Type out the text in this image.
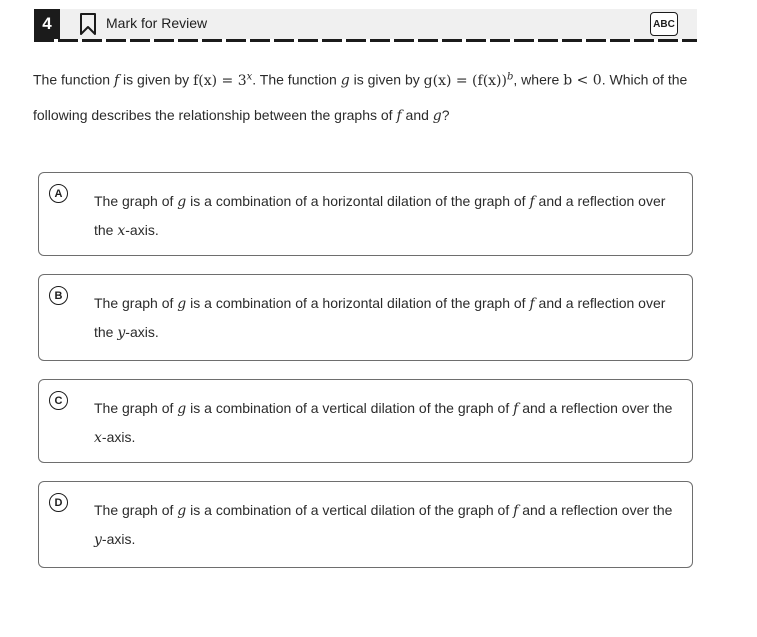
4	Mark for Review	ABC
The function f is given by $f(x) = 3^x$. The function g is given by $g(x) = (f(x))^b$, where b < 0. Which of the following describes the relationship between the graphs of f and g?
A	The graph of g is a combination of a horizontal dilation of the graph of f and a reflection over the x-axis.
B	The graph of g is a combination of a horizontal dilation of the graph of f and a reflection over the y-axis.
C	The graph of g is a combination of a vertical dilation of the graph of f and a reflection over the x-axis.
D	The graph of g is a combination of a vertical dilation of the graph of f and a reflection over the y-axis.
